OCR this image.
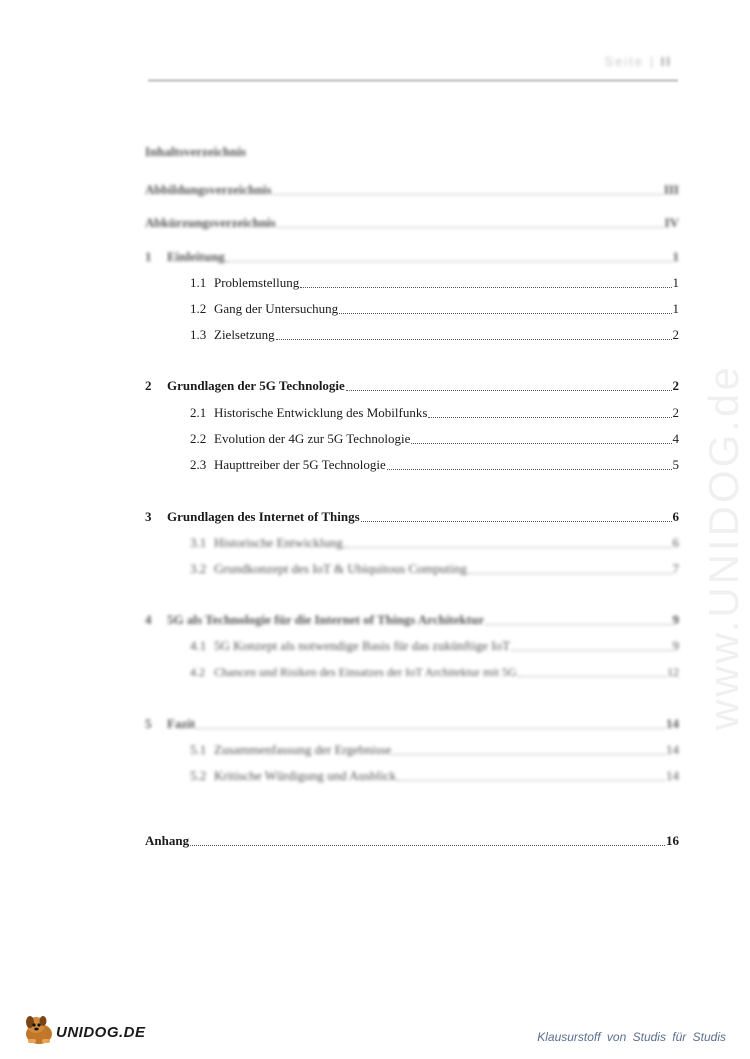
www.UNIDOG.de
Seite | II
Inhaltsverzeichnis
Abbildungsverzeichnis	III
Abkürzungsverzeichnis	IV
1	Einleitung	1
1.1 Problemstellung	1
1.2 Gang der Untersuchung	1
1.3 Zielsetzung	2
2	Grundlagen der 5G Technologie	2
2.1 Historische Entwicklung des Mobilfunks	2
2.2 Evolution der 4G zur 5G Technologie	4
2.3 Haupttreiber der 5G Technologie	5
3	Grundlagen des Internet of Things	6
3.1 Historische Entwicklung	6
3.2 Grundkonzept des IoT & Ubiquitous Computing	7
4	5G als Technologie für die Internet of Things Architektur	9
4.1 5G Konzept als notwendige Basis für das zukünftige IoT	9
4.2 Chancen und Risiken des Einsatzes der IoT Architektur mit 5G	12
5	Fazit	14
5.1 Zusammenfassung der Ergebnisse	14
5.2 Kritische Würdigung und Ausblick	14
Anhang	16
UNIDOG.DE	Klausurstoff von Studis für Studis
